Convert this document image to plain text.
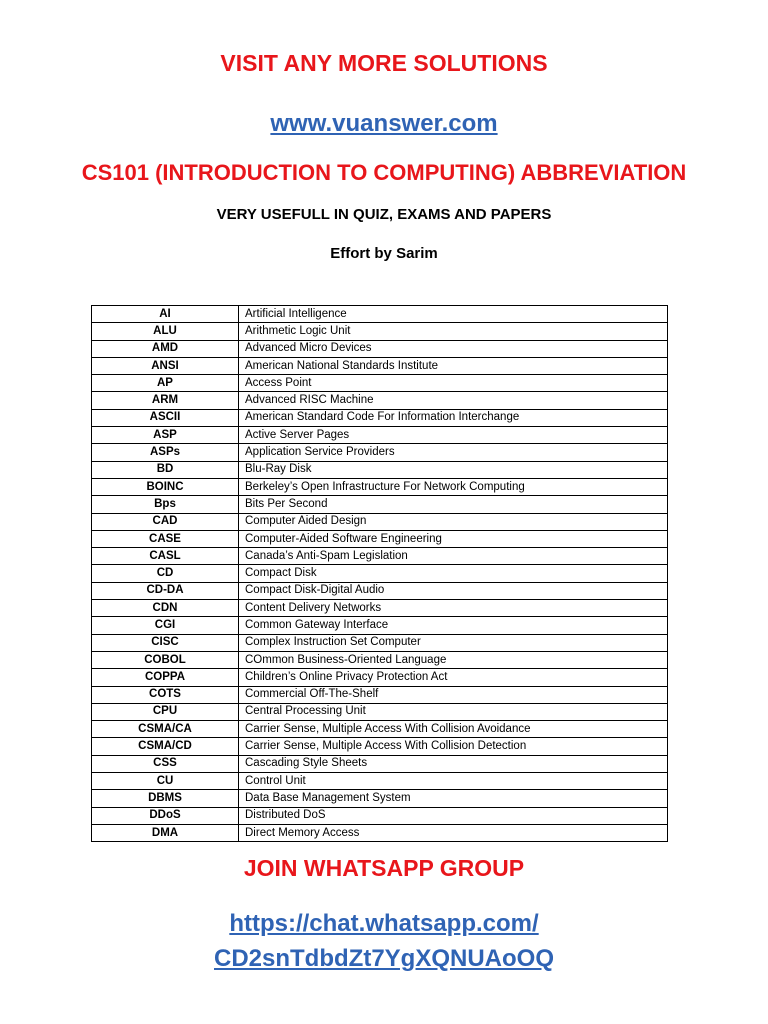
VISIT ANY MORE SOLUTIONS
www.vuanswer.com
CS101 (INTRODUCTION TO COMPUTING) ABBREVIATION
VERY USEFULL IN QUIZ, EXAMS AND PAPERS
Effort by Sarim
AI	Artificial Intelligence
ALU	Arithmetic Logic Unit
AMD	Advanced Micro Devices
ANSI	American National Standards Institute
AP	Access Point
ARM	Advanced RISC Machine
ASCII	American Standard Code For Information Interchange
ASP	Active Server Pages
ASPs	Application Service Providers
BD	Blu-Ray Disk
BOINC	Berkeley’s Open Infrastructure For Network Computing
Bps	Bits Per Second
CAD	Computer Aided Design
CASE	Computer-Aided Software Engineering
CASL	Canada’s Anti-Spam Legislation
CD	Compact Disk
CD-DA	Compact Disk-Digital Audio
CDN	Content Delivery Networks
CGI	Common Gateway Interface
CISC	Complex Instruction Set Computer
COBOL	COmmon Business-Oriented Language
COPPA	Children’s Online Privacy Protection Act
COTS	Commercial Off-The-Shelf
CPU	Central Processing Unit
CSMA/CA	Carrier Sense, Multiple Access With Collision Avoidance
CSMA/CD	Carrier Sense, Multiple Access With Collision Detection
CSS	Cascading Style Sheets
CU	Control Unit
DBMS	Data Base Management System
DDoS	Distributed DoS
DMA	Direct Memory Access
JOIN WHATSAPP GROUP
https://chat.whatsapp.com/
CD2snTdbdZt7YgXQNUAoOQ
